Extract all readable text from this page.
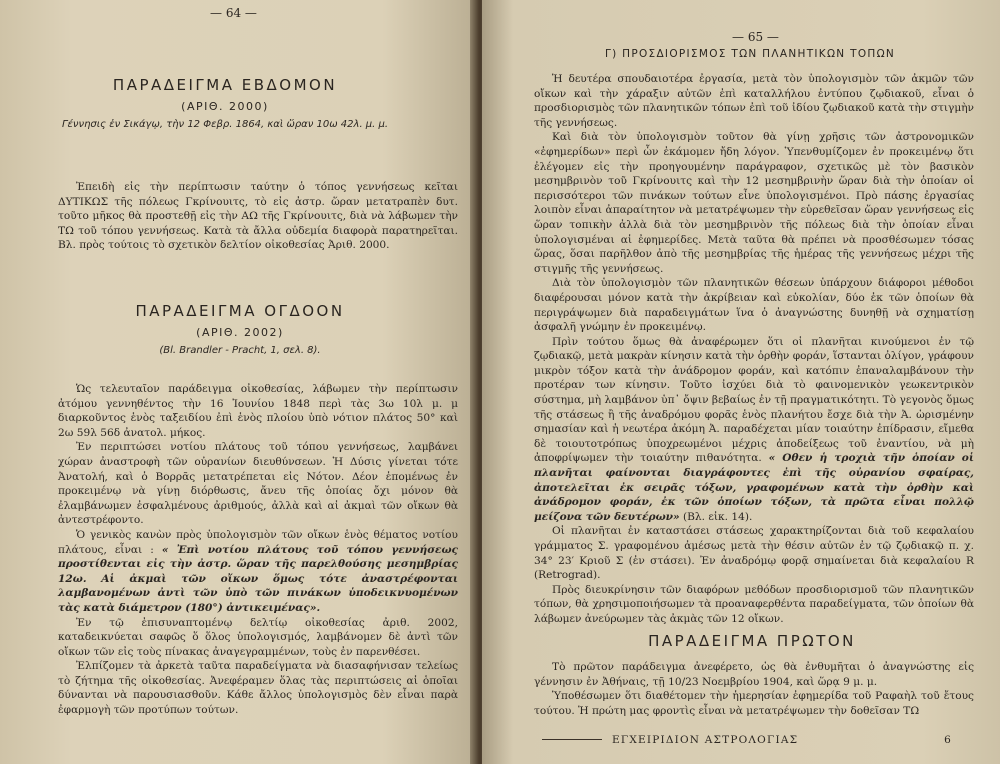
— 64 —
ΠΑΡΑΔΕΙΓΜΑ ΕΒΔΟΜΟΝ
(ΑΡΙΘ. 2000)
Γέννησις ἐν Σικάγῳ, τὴν 12 Φεβρ. 1864, καὶ ὥραν 10ω 42λ. μ. μ.

Ἐπειδὴ εἰς τὴν περίπτωσιν ταύτην ὁ τόπος γεννήσεως κεῖται ΔΥΤΙΚΩΣ τῆς πόλεως Γκρίνουιτς, τὸ εἰς ἀστρ. ὥραν μετατραπὲν δυτ. τοῦτο μῆκος θὰ προστεθῇ εἰς τὴν ΑΩ τῆς Γκρίνουιτς, διὰ νὰ λάβωμεν τὴν ΤΩ τοῦ τόπου γεννήσεως. Κατὰ τὰ ἄλλα οὐδεμία διαφορὰ παρατηρεῖται. Βλ. πρὸς τούτοις τὸ σχετικὸν δελτίον οἰκοθεσίας Ἀριθ. 2000.

ΠΑΡΑΔΕΙΓΜΑ ΟΓΔΟΟΝ
(ΑΡΙΘ. 2002)
(Bl. Brandler - Pracht, 1, σελ. 8).

Ὡς τελευταῖον παράδειγμα οἰκοθεσίας, λάβωμεν τὴν περίπτωσιν ἀτόμου γεννηθέντος τὴν 16 Ἰουνίου 1848 περὶ τὰς 3ω 10λ μ. μ διαρκοῦντος ἑνὸς ταξειδίου ἐπὶ ἑνὸς πλοίου ὑπὸ νότιον πλάτος 50° καὶ 2ω 59λ 56δ ἀνατολ. μήκος.

Ἐν περιπτώσει νοτίου πλάτους τοῦ τόπου γεννήσεως, λαμβάνει χώραν ἀναστροφὴ τῶν οὐρανίων διευθύνσεων. Ἡ Δύσις γίνεται τότε Ἀνατολή, καὶ ὁ Βορρᾶς μετατρέπεται εἰς Νότον. Δέον ἑπομένως ἐν προκειμένῳ νὰ γίνῃ διόρθωσις, ἄνευ τῆς ὁποίας ὄχι μόνον θὰ ἐλαμβάνωμεν ἐσφαλμένους ἀριθμούς, ἀλλὰ καὶ αἱ ἀκμαὶ τῶν οἴκων θὰ ἀντεστρέφοντο.

Ὁ γενικὸς κανὼν πρὸς ὑπολογισμὸν τῶν οἴκων ἑνὸς θέματος νοτίου πλάτους, εἶναι : « Ἐπὶ νοτίου πλάτους τοῦ τόπου γεννήσεως προστίθενται εἰς τὴν ἀστρ. ὥραν τῆς παρελθούσης μεσημβρίας 12ω. Αἱ ἀκμαὶ τῶν οἴκων ὅμως τότε ἀναστρέφονται λαμβανομένων ἀντὶ τῶν ὑπὸ τῶν πινάκων ὑποδεικνυομένων τὰς κατὰ διάμετρον (180°) ἀντικειμένας».

Ἐν τῷ ἐπισυναπτομένῳ δελτίῳ οἰκοθεσίας ἀριθ. 2002, καταδεικνύεται σαφῶς ὅ ὅλος ὑπολογισμός, λαμβάνομεν δὲ ἀντὶ τῶν οἴκων τῶν εἰς τοὺς πίνακας ἀναγεγραμμένων, τοὺς ἐν παρενθέσει.

Ἐλπίζομεν τὰ ἀρκετὰ ταῦτα παραδείγματα νὰ διασαφήνισαν τελείως τὸ ζήτημα τῆς οἰκοθεσίας. Ἀνεφέραμεν ὅλας τὰς περιπτώσεις αἱ ὁποῖαι δύνανται νὰ παρουσιασθοῦν. Κάθε ἄλλος ὑπολογισμὸς δὲν εἶναι παρὰ ἐφαρμογὴ τῶν προτύπων τούτων.

— 65 —
Γ) ΠΡΟΣΔΙΟΡΙΣΜΟΣ ΤΩΝ ΠΛΑΝΗΤΙΚΩΝ ΤΟΠΩΝ

Ἡ δευτέρα σπουδαιοτέρα ἐργασία, μετὰ τὸν ὑπολογισμὸν τῶν ἀκμῶν τῶν οἴκων καὶ τὴν χάραξιν αὐτῶν ἐπὶ καταλλήλου ἐντύπου ζῳδιακοῦ, εἶναι ὁ προσδιορισμὸς τῶν πλανητικῶν τόπων ἐπὶ τοῦ ἰδίου ζῳδιακοῦ κατὰ τὴν στιγμὴν τῆς γεννήσεως.

Καὶ διὰ τὸν ὑπολογισμὸν τοῦτον θὰ γίνῃ χρῆσις τῶν ἀστρονομικῶν «ἐφημερίδων» περὶ ὧν ἐκάμομεν ἤδη λόγον. Ὑπενθυμίζομεν ἐν προκειμένῳ ὅτι ἐλέγομεν εἰς τὴν προηγουμένην παράγραφον, σχετικῶς μὲ τὸν βασικὸν μεσημβρινὸν τοῦ Γκρίνουιτς καὶ τὴν 12 μεσημβρινὴν ὥραν διὰ τὴν ὁποίαν οἱ περισσότεροι τῶν πινάκων τούτων εἶνε ὑπολογισμένοι. Πρὸ πάσης ἐργασίας λοιπὸν εἶναι ἀπαραίτητον νὰ μετατρέψωμεν τὴν εὑρεθεῖσαν ὥραν γεννήσεως εἰς ὥραν τοπικὴν ἀλλὰ διὰ τὸν μεσημβρινὸν τῆς πόλεως διὰ τὴν ὁποίαν εἶναι ὑπολογισμέναι αἱ ἐφημερίδες. Μετὰ ταῦτα θὰ πρέπει νὰ προσθέσωμεν τόσας ὥρας, ὅσαι παρῆλθον ἀπὸ τῆς μεσημβρίας τῆς ἡμέρας τῆς γεννήσεως μέχρι τῆς στιγμῆς τῆς γεννήσεως.

Διὰ τὸν ὑπολογισμὸν τῶν πλανητικῶν θέσεων ὑπάρχουν διάφοροι μέθοδοι διαφέρουσαι μόνον κατὰ τὴν ἀκρίβειαν καὶ εὐκολίαν, δύο ἐκ τῶν ὁποίων θὰ περιγράψωμεν διὰ παραδειγμάτων ἵνα ὁ ἀναγνώστης δυνηθῇ νὰ σχηματίσῃ ἀσφαλῆ γνώμην ἐν προκειμένῳ.

Πρὶν τούτου ὅμως θὰ ἀναφέρωμεν ὅτι οἱ πλανῆται κινούμενοι ἐν τῷ ζῳδιακῷ, μετὰ μακρὰν κίνησιν κατὰ τὴν ὀρθὴν φοράν, ἵστανται ὀλίγον, γράφουν μικρὸν τόξον κατὰ τὴν ἀνάδρομον φοράν, καὶ κατόπιν ἐπαναλαμβάνουν τὴν προτέραν των κίνησιν. Τοῦτο ἰσχύει διὰ τὸ φαινομενικὸν γεωκεντρικὸν σύστημα, μὴ λαμβάνον ὑπ᾽ ὄψιν βεβαίως ἐν τῇ πραγματικότητι. Τὸ γεγονὸς ὅμως τῆς στάσεως ἢ τῆς ἀναδρόμου φορᾶς ἑνὸς πλανήτου ἔσχε διὰ τὴν Ἀ. ὡρισμένην σημασίαν καὶ ἡ νεωτέρα ἀκόμη Ἀ. παραδέχεται μίαν τοιαύτην ἐπίδρασιν, εἴμεθα δὲ τοιουτοτρόπως ὑποχρεωμένοι μέχρις ἀποδείξεως τοῦ ἐναντίου, νὰ μὴ ἀποφρίψωμεν τὴν τοιαύτην πιθανότητα. « Οθεν ἡ τροχιὰ τῆν ὁποίαν οἱ πλανῆται φαίνονται διαγράφοντες ἐπὶ τῆς οὐρανίου σφαίρας, ἀποτελεῖται ἐκ σειρᾶς τόξων, γραφομένων κατὰ τὴν ὀρθὴν καὶ ἀνάδρομον φοράν, ἐκ τῶν ὁποίων τόξων, τὰ πρῶτα εἶναι πολλῷ μείζονα τῶν δευτέρων» (Βλ. εἰκ. 14).

Οἱ πλανῆται ἐν καταστάσει στάσεως χαρακτηρίζονται διὰ τοῦ κεφαλαίου γράμματος Σ. γραφομένου ἀμέσως μετὰ τὴν θέσιν αὐτῶν ἐν τῷ ζῳδιακῷ π. χ. 34° 23′ Κριοῦ Σ (ἐν στάσει). Ἐν ἀναδρόμῳ φορᾷ σημαίνεται διὰ κεφαλαίου R (Retrograd).

Πρὸς διευκρίνησιν τῶν διαφόρων μεθόδων προσδιορισμοῦ τῶν πλανητικῶν τόπων, θὰ χρησιμοποιήσωμεν τὰ προαναφερθέντα παραδείγματα, τῶν ὁποίων θὰ λάβωμεν ἀνεύρωμεν τὰς ἀκμὰς τῶν 12 οἴκων.

ΠΑΡΑΔΕΙΓΜΑ ΠΡΩΤΟΝ

Τὸ πρῶτον παράδειγμα ἀνεφέρετο, ὡς θὰ ἐνθυμῆται ὁ ἀναγνώστης εἰς γέννησιν ἐν Ἀθήναις, τῇ 10/23 Νοεμβρίου 1904, καὶ ὥρᾳ 9 μ. μ.

Ὑποθέσωμεν ὅτι διαθέτομεν τὴν ἡμερησίαν ἐφημερίδα τοῦ Ραφαὴλ τοῦ ἔτους τούτου. Ἡ πρώτη μας φροντὶς εἶναι νὰ μετατρέψωμεν τὴν δοθεῖσαν ΤΩ

ΕΓΧΕΙΡΙΔΙΟΝ ΑΣΤΡΟΛΟΓΙΑΣ	6
